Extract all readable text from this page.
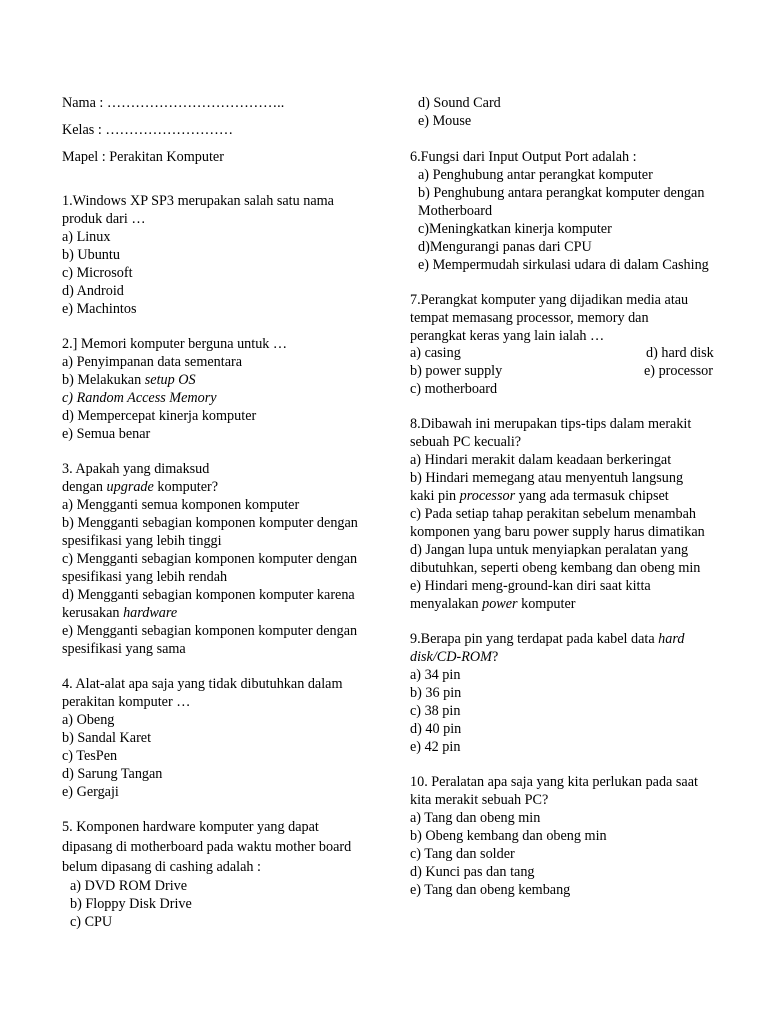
Nama : ………………………………..
Kelas : ………………………
Mapel : Perakitan Komputer
1.Windows XP SP3 merupakan salah satu nama
produk dari …
a) Linux
b) Ubuntu
c) Microsoft
d) Android
e) Machintos
2.] Memori komputer berguna untuk …
a) Penyimpanan data sementara
b) Melakukan setup OS
c) Random Access Memory
d) Mempercepat kinerja komputer
e) Semua benar
3. Apakah yang dimaksud
dengan upgrade komputer?
a) Mengganti semua komponen komputer
b) Mengganti sebagian komponen komputer dengan
spesifikasi yang lebih tinggi
c) Mengganti sebagian komponen komputer dengan
spesifikasi yang lebih rendah
d) Mengganti sebagian komponen komputer karena
kerusakan hardware
e) Mengganti sebagian komponen komputer dengan
spesifikasi yang sama
4. Alat-alat apa saja yang tidak dibutuhkan dalam
perakitan komputer …
a) Obeng
b) Sandal Karet
c) TesPen
d) Sarung Tangan
e) Gergaji
5. Komponen hardware komputer yang dapat
dipasang di motherboard pada waktu mother board
belum dipasang di cashing adalah :
a) DVD ROM Drive
b) Floppy Disk Drive
c) CPU
d) Sound Card
e) Mouse
6.Fungsi dari Input Output Port adalah :
a) Penghubung antar perangkat komputer
b) Penghubung antara perangkat komputer dengan
Motherboard
c)Meningkatkan kinerja komputer
d)Mengurangi panas dari CPU
e) Mempermudah sirkulasi udara di dalam Cashing
7.Perangkat komputer yang dijadikan media atau
tempat memasang processor, memory dan
perangkat keras yang lain ialah …
a) casing	d) hard disk
b) power supply	e) processor
c) motherboard
8.Dibawah ini merupakan tips-tips dalam merakit
sebuah PC kecuali?
a) Hindari merakit dalam keadaan berkeringat
b) Hindari memegang atau menyentuh langsung
kaki pin processor yang ada termasuk chipset
c) Pada setiap tahap perakitan sebelum menambah
komponen yang baru power supply harus dimatikan
d) Jangan lupa untuk menyiapkan peralatan yang
dibutuhkan, seperti obeng kembang dan obeng min
e) Hindari meng-ground-kan diri saat kitta
menyalakan power komputer
9.Berapa pin yang terdapat pada kabel data hard
disk/CD-ROM?
a) 34 pin
b) 36 pin
c) 38 pin
d) 40 pin
e) 42 pin
10. Peralatan apa saja yang kita perlukan pada saat
kita merakit sebuah PC?
a) Tang dan obeng min
b) Obeng kembang dan obeng min
c) Tang dan solder
d) Kunci pas dan tang
e) Tang dan obeng kembang
